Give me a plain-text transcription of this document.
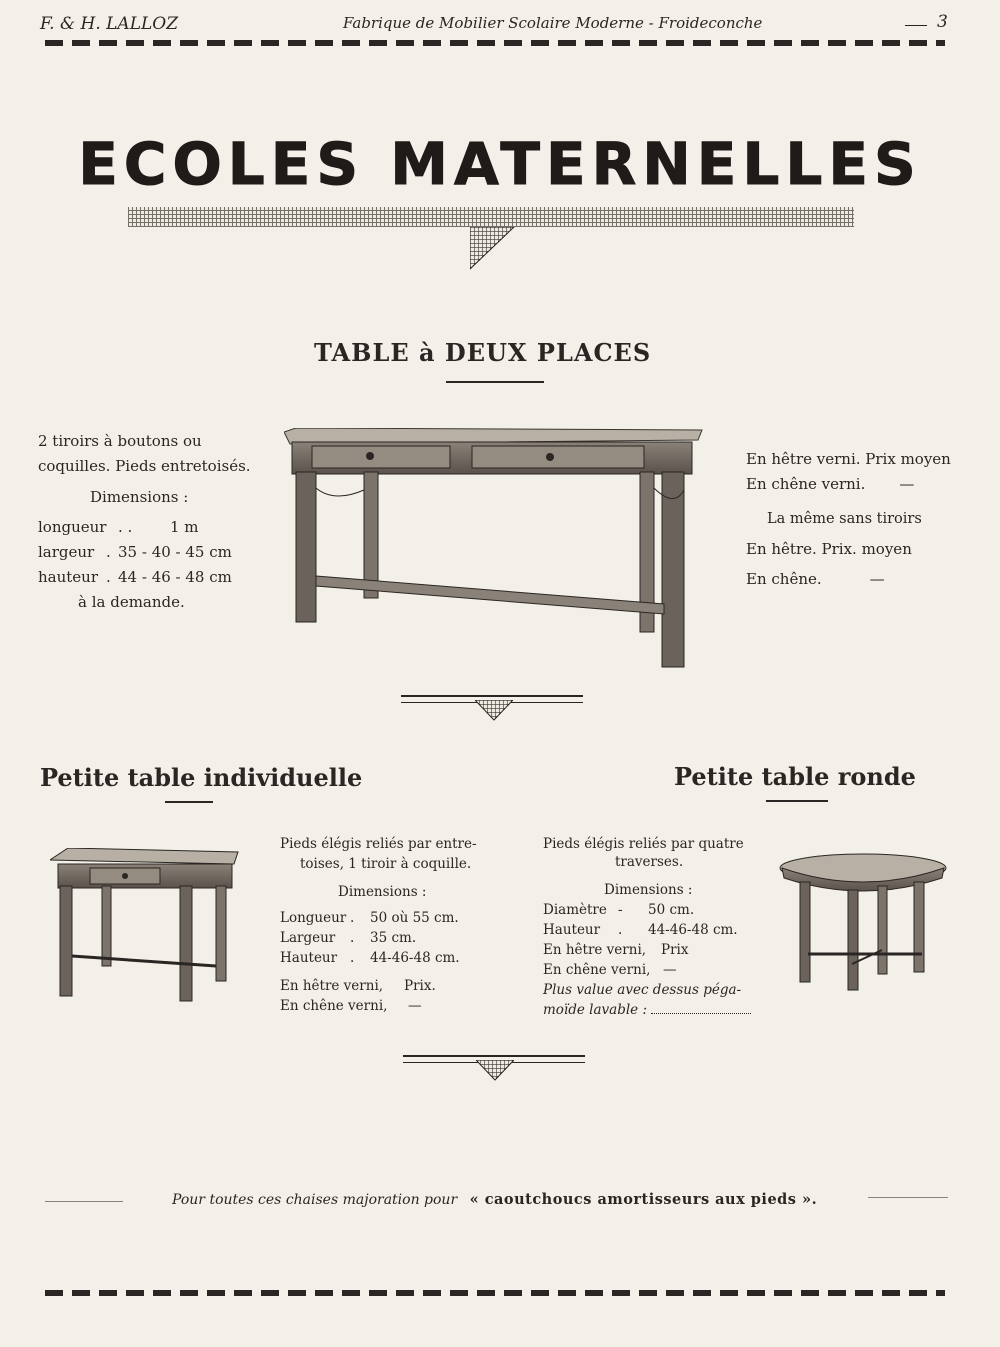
F. & H. LALLOZ	Fabrique de Mobilier Scolaire Moderne - Froideconche	3
ECOLES MATERNELLES
TABLE à DEUX PLACES
2 tiroirs à boutons ou
coquilles. Pieds entretoisés.
Dimensions :
longueur . .	1 m
largeur . 35 - 40 - 45 cm
hauteur . 44 - 46 - 48 cm
à la demande.
En hêtre verni. Prix moyen
En chêne verni. —
La même sans tiroirs
En hêtre. Prix. moyen
En chêne.	—
Petite table individuelle
Pieds élégis reliés par entre-
toises, 1 tiroir à coquille.
Dimensions :
Longueur . 50 où 55 cm.
Largeur . 35 cm.
Hauteur . 44-46-48 cm.
En hêtre verni, Prix.
En chêne verni, —
Petite table ronde
Pieds élégis reliés par quatre
traverses.
Dimensions :
Diamètre - 50 cm.
Hauteur . 44-46-48 cm.
En hêtre verni, Prix
En chêne verni, —
Plus value avec dessus péga-
moïde lavable :
Pour toutes ces chaises majoration pour « caoutchoucs amortisseurs aux pieds ».
